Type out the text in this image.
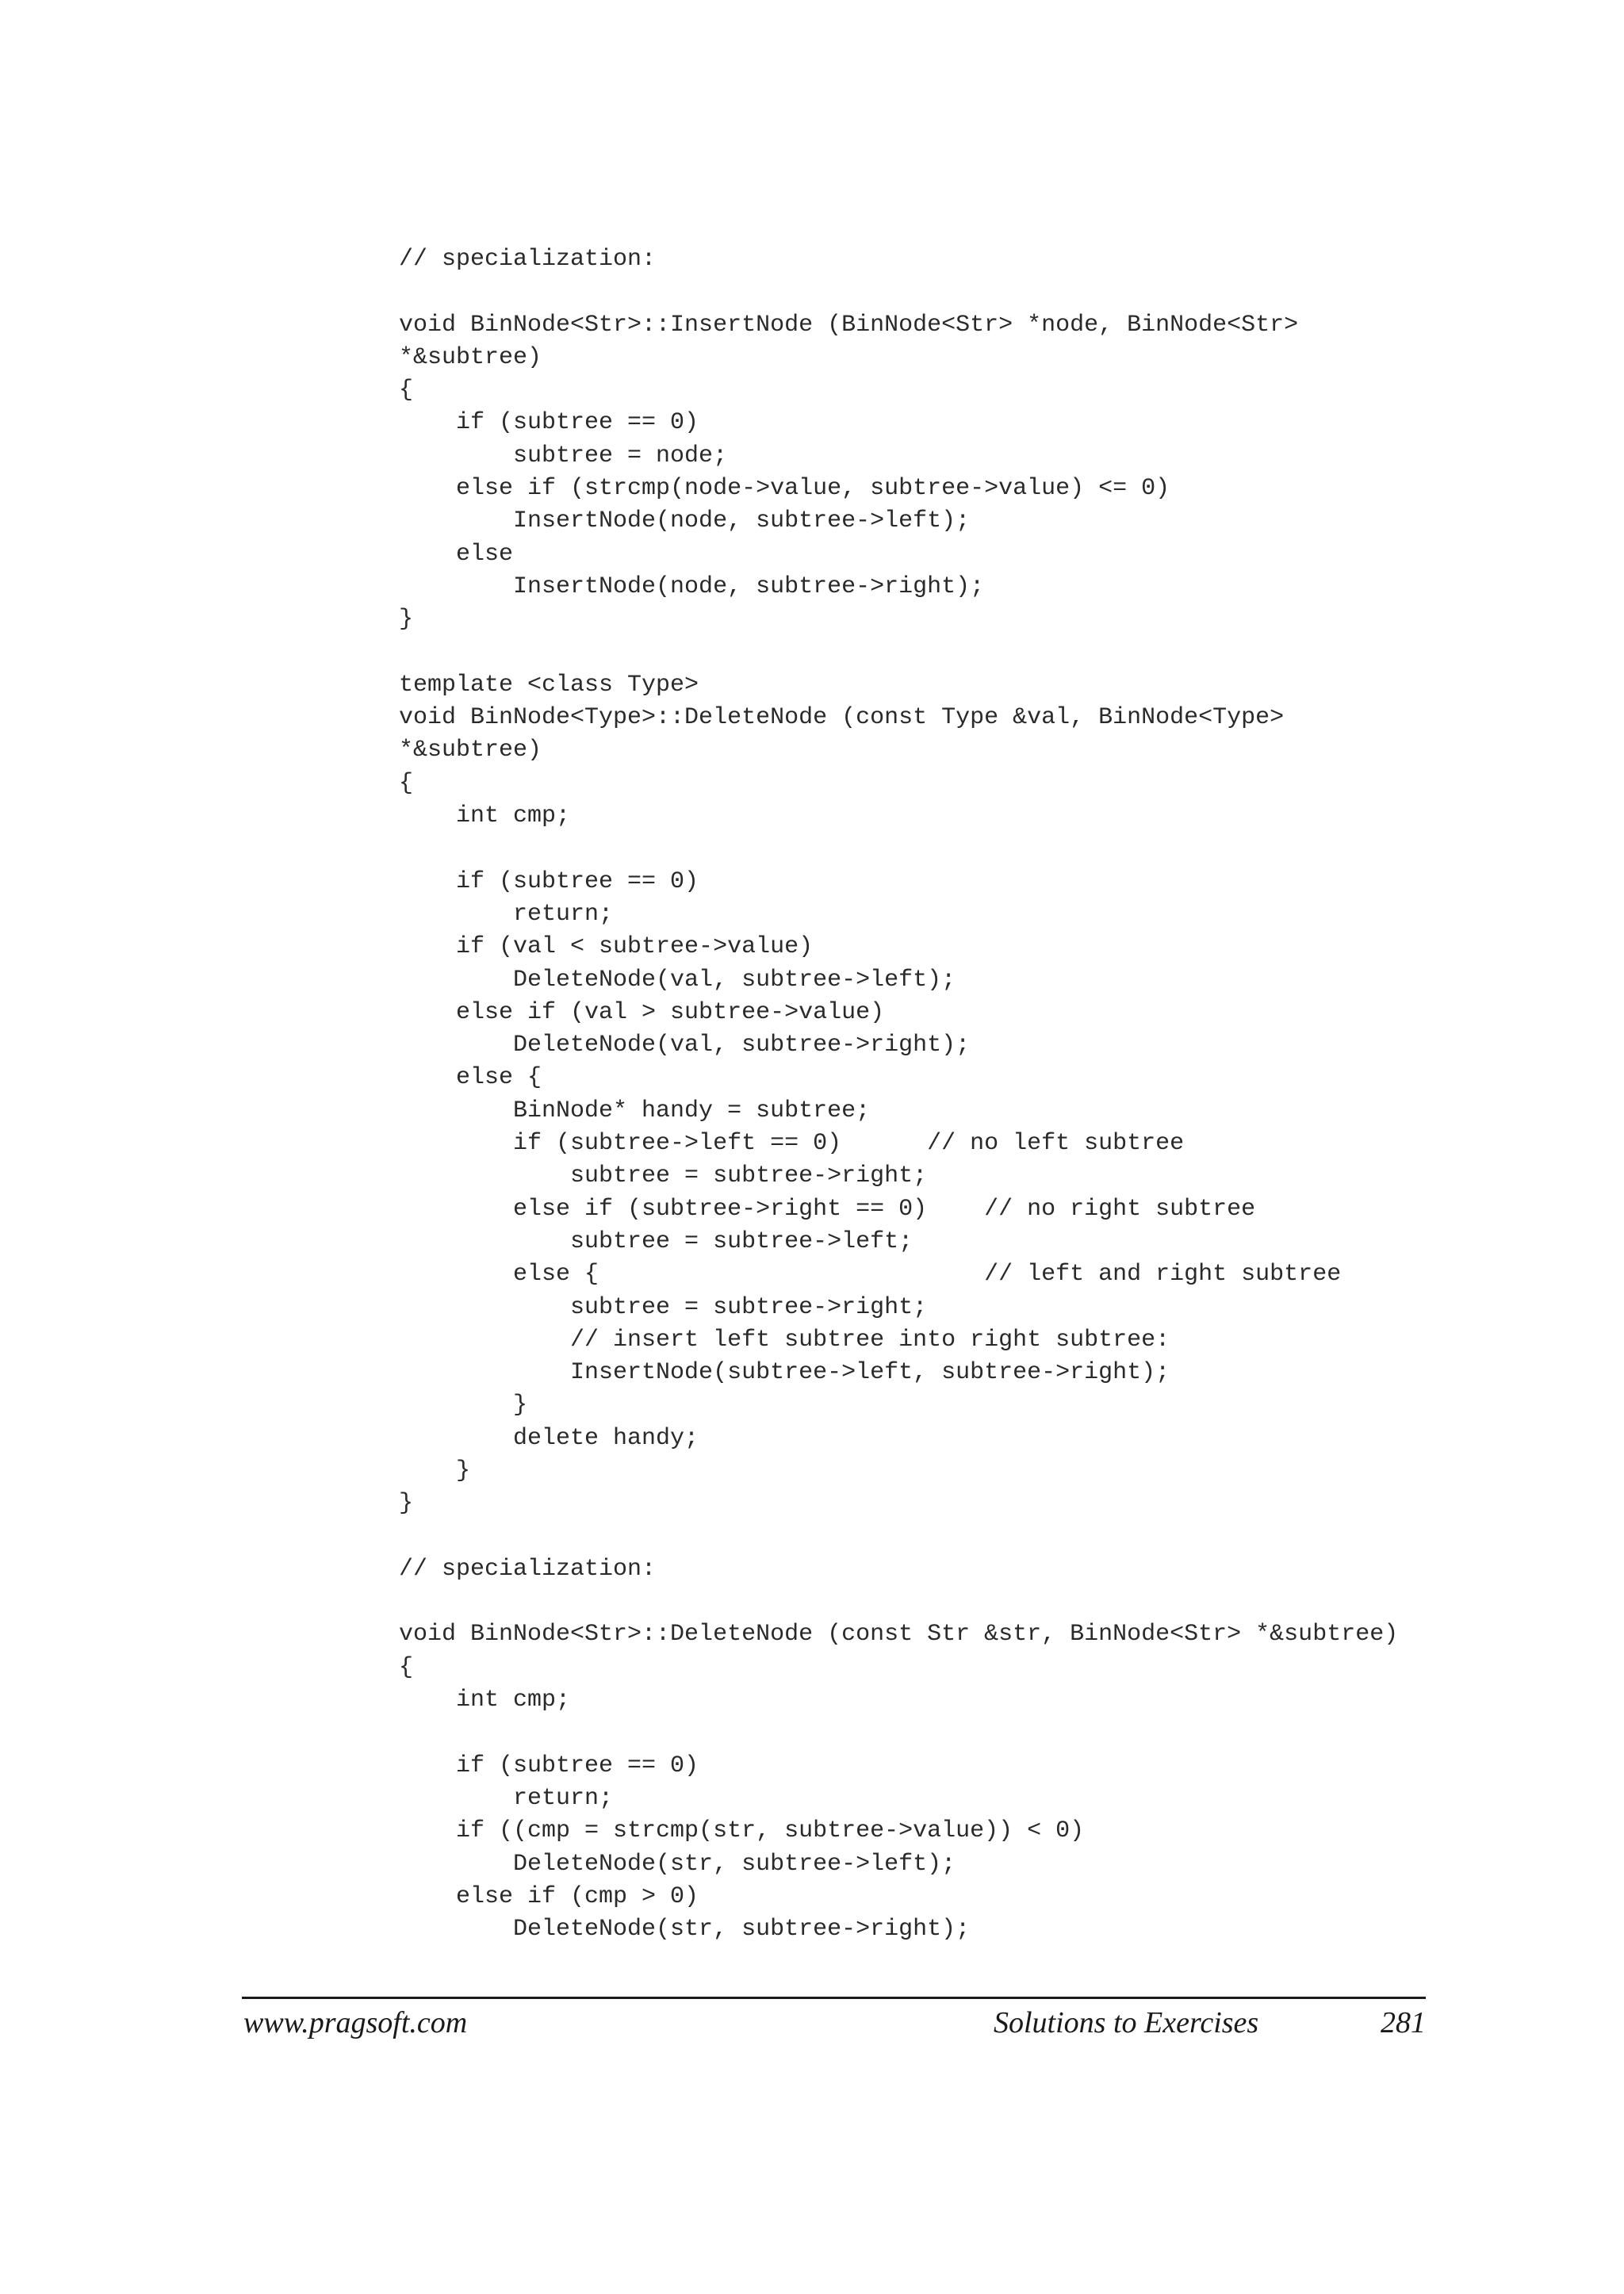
// specialization:
void BinNode<Str>::InsertNode (BinNode<Str> *node, BinNode<Str>
*&subtree)
{
if (subtree == 0)
subtree = node;
else if (strcmp(node->value, subtree->value) <= 0)
InsertNode(node, subtree->left);
else
InsertNode(node, subtree->right);
}
template <class Type>
void BinNode<Type>::DeleteNode (const Type &val, BinNode<Type>
*&subtree)
{
int cmp;
if (subtree == 0)
return;
if (val < subtree->value)
DeleteNode(val, subtree->left);
else if (val > subtree->value)
DeleteNode(val, subtree->right);
else {
BinNode* handy = subtree;
if (subtree->left == 0)      // no left subtree
subtree = subtree->right;
else if (subtree->right == 0)    // no right subtree
subtree = subtree->left;
else {                           // left and right subtree
subtree = subtree->right;
// insert left subtree into right subtree:
InsertNode(subtree->left, subtree->right);
}
delete handy;
}
}
// specialization:
void BinNode<Str>::DeleteNode (const Str &str, BinNode<Str> *&subtree)
{
int cmp;
if (subtree == 0)
return;
if ((cmp = strcmp(str, subtree->value)) < 0)
DeleteNode(str, subtree->left);
else if (cmp > 0)
DeleteNode(str, subtree->right);
www.pragsoft.com	Solutions to Exercises	281
